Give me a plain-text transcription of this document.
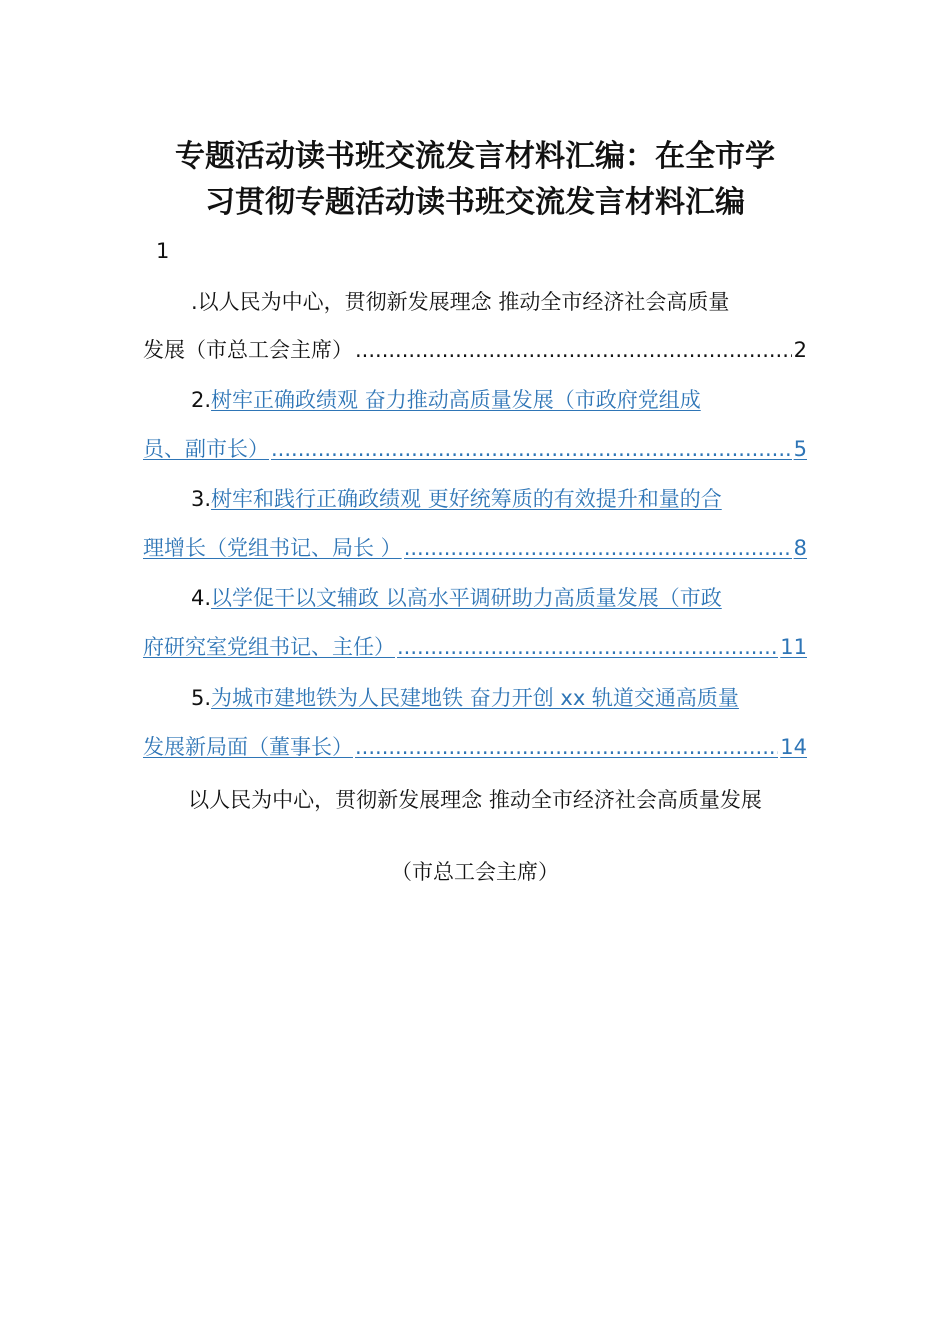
专题活动读书班交流发言材料汇编：在全市学
习贯彻专题活动读书班交流发言材料汇编
1
.以人民为中心，贯彻新发展理念 推动全市经济社会高质量
发展（市总工会主席） .....	2
2. 树牢正确政绩观 奋力推动高质量发展（市政府党组成
员、副市长） .....	5
3. 树牢和践行正确政绩观 更好统筹质的有效提升和量的合
理增长（党组书记、局长 ） .....	8
4. 以学促干以文辅政 以高水平调研助力高质量发展（市政
府研究室党组书记、主任） .....	11
5. 为城市建地铁为人民建地铁 奋力开创 xx 轨道交通高质量
发展新局面（董事长） .....	14
以人民为中心，贯彻新发展理念 推动全市经济社会高质量发展
（市总工会主席）
